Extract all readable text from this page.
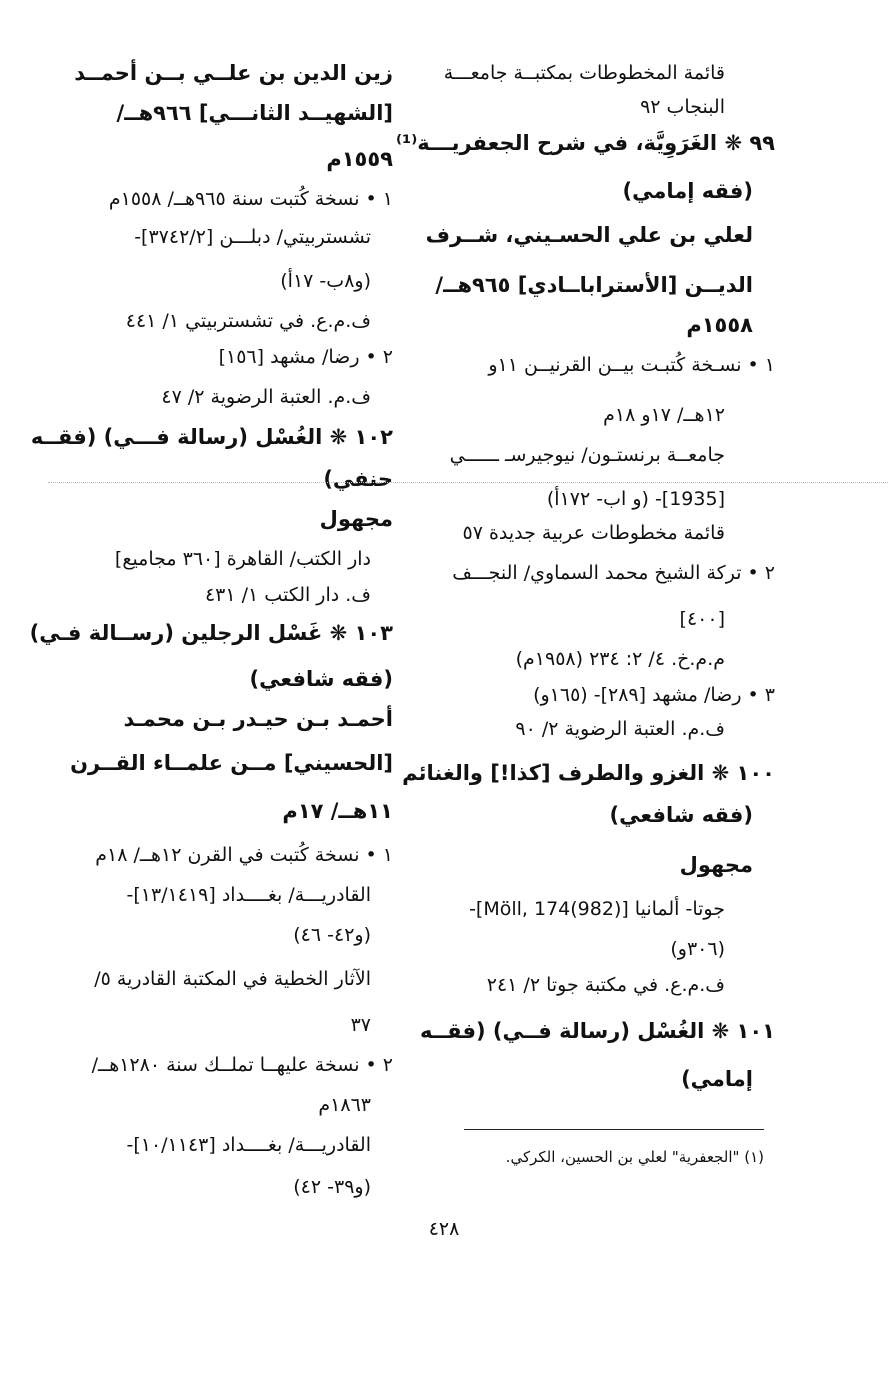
قائمة المخطوطات بمكتبــة جامعـــة
البنجاب ٩٢
٩٩ ❋ الغَرَوِيَّة، في شرح الجعفريـــة⁽¹⁾
(فقه إمامي)
لعلي بن علي الحسـيني، شــرف
الديــن [الأستراباــادي] ٩٦٥هــ/
١٥٥٨م
١ • نسـخة كُتبـت بيــن القرنيــن ١١و
١٢هــ/ ١٧و ١٨م
جامعــة برنستـون/ نيوجيرسـ ــــــي
[1935]- (و اب- ١٧٢أ)
قائمة مخطوطات عربية جديدة ٥٧
٢ • تركة الشيخ محمد السماوي/ النجـــف
[٤٠٠]
م.م.خ. ٤/ ٢: ٢٣٤ (١٩٥٨م)
٣ • رضا/ مشهد [٢٨٩]- (١٦٥و)
ف.م. العتبة الرضوية ٢/ ٩٠
١٠٠ ❋ الغزو والطرف [كذا!] والغنائم
(فقه شافعي)
مجهول
جوتا- ألمانيا [Möll, 174(982)]-
(٣٠٦و)
ف.م.ع. في مكتبة جوتا ٢/ ٢٤١
١٠١ ❋ الغُسْل (رسالة فــي) (فقــه
إمامي)
زين الدين بن علــي بــن أحمــد
[الشهيــد الثانـــي] ٩٦٦هــ/
١٥٥٩م
١ • نسخة كُتبت سنة ٩٦٥هــ/ ١٥٥٨م
تشستربيتي/ دبلـــن [٣٧٤٢/٢]-
(و٨ب- ١٧أ)
ف.م.ع. في تشستربيتي ١/ ٤٤١
٢ • رضا/ مشهد [١٥٦]
ف.م. العتبة الرضوية ٢/ ٤٧
١٠٢ ❋ الغُسْل (رسالة فـــي) (فقــه
حنفي)
مجهول
دار الكتب/ القاهرة [٣٦٠ مجاميع]
ف. دار الكتب ١/ ٤٣١
١٠٣ ❋ غَسْل الرجلين (رســالة فـي)
(فقه شافعي)
أحمـد بـن حيـدر بـن محمـد
[الحسيني] مــن علمــاء القــرن
١١هــ/ ١٧م
١ • نسخة كُتبت في القرن ١٢هــ/ ١٨م
القادريـــة/ بغــــداد [١٣/١٤١٩]-
(و٤٢- ٤٦)
الآثار الخطية في المكتبة القادرية ٥/
٣٧
٢ • نسخة عليهــا تملــك سنة ١٢٨٠هــ/
١٨٦٣م
القادريـــة/ بغــــداد [١٠/١١٤٣]-
(و٣٩- ٤٢)
(١) "الجعفرية" لعلي بن الحسين، الكركي.
٤٢٨
